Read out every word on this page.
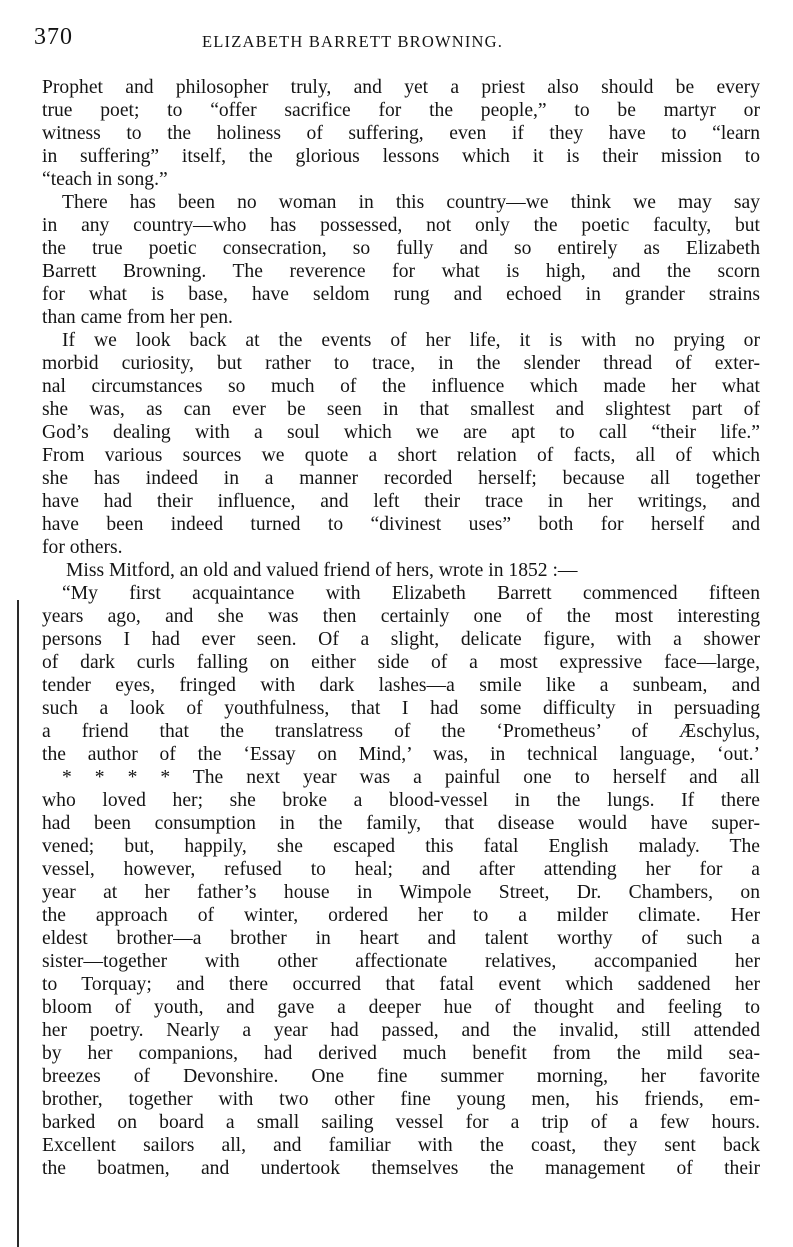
370	ELIZABETH BARRETT BROWNING.
Prophet and philosopher truly, and yet a priest also should be every
true poet; to “offer sacrifice for the people,” to be martyr or
witness to the holiness of suffering, even if they have to “learn
in suffering” itself, the glorious lessons which it is their mission to
“teach in song.”
There has been no woman in this country—we think we may say
in any country—who has possessed, not only the poetic faculty, but
the true poetic consecration, so fully and so entirely as Elizabeth
Barrett Browning. The reverence for what is high, and the scorn
for what is base, have seldom rung and echoed in grander strains
than came from her pen.
If we look back at the events of her life, it is with no prying or
morbid curiosity, but rather to trace, in the slender thread of exter-
nal circumstances so much of the influence which made her what
she was, as can ever be seen in that smallest and slightest part of
God’s dealing with a soul which we are apt to call “their life.”
From various sources we quote a short relation of facts, all of which
she has indeed in a manner recorded herself; because all together
have had their influence, and left their trace in her writings, and
have been indeed turned to “divinest uses” both for herself and
for others.
Miss Mitford, an old and valued friend of hers, wrote in 1852 :—
“My first acquaintance with Elizabeth Barrett commenced fifteen
years ago, and she was then certainly one of the most interesting
persons I had ever seen. Of a slight, delicate figure, with a shower
of dark curls falling on either side of a most expressive face—large,
tender eyes, fringed with dark lashes—a smile like a sunbeam, and
such a look of youthfulness, that I had some difficulty in persuading
a friend that the translatress of the ‘Prometheus’ of Æschylus,
the author of the ‘Essay on Mind,’ was, in technical language, ‘out.’
* * * * The next year was a painful one to herself and all
who loved her; she broke a blood-vessel in the lungs. If there
had been consumption in the family, that disease would have super-
vened; but, happily, she escaped this fatal English malady. The
vessel, however, refused to heal; and after attending her for a
year at her father’s house in Wimpole Street, Dr. Chambers, on
the approach of winter, ordered her to a milder climate. Her
eldest brother—a brother in heart and talent worthy of such a
sister—together with other affectionate relatives, accompanied her
to Torquay; and there occurred that fatal event which saddened her
bloom of youth, and gave a deeper hue of thought and feeling to
her poetry. Nearly a year had passed, and the invalid, still attended
by her companions, had derived much benefit from the mild sea-
breezes of Devonshire. One fine summer morning, her favorite
brother, together with two other fine young men, his friends, em-
barked on board a small sailing vessel for a trip of a few hours.
Excellent sailors all, and familiar with the coast, they sent back
the boatmen, and undertook themselves the management of their
